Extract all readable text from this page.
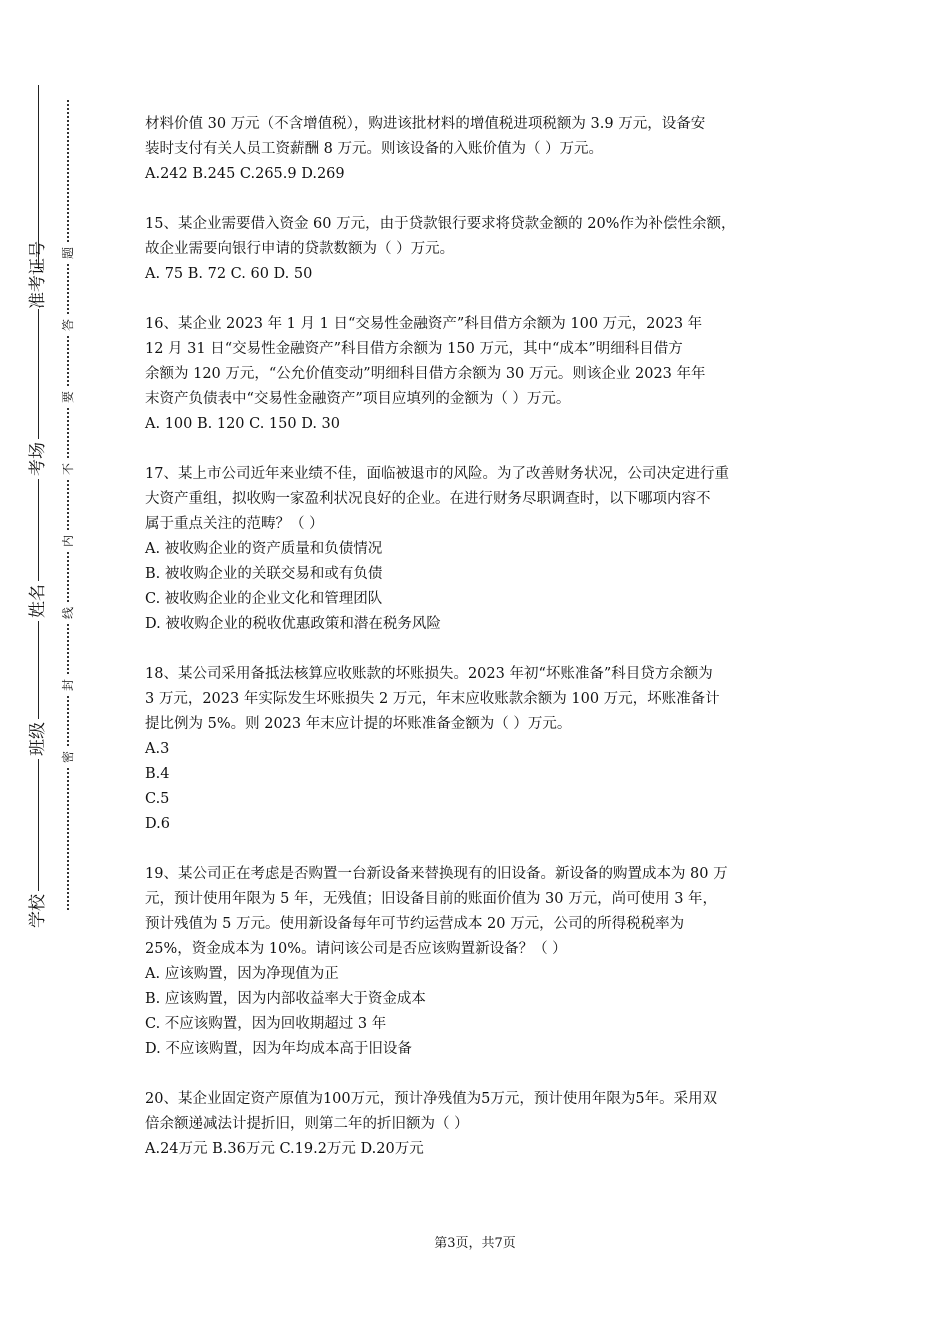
准考证号
考场
姓名
班级
学校
题
答
要
不
内
线
封
密
材料价值 30 万元（不含增值税），购进该批材料的增值税进项税额为 3.9 万元，设备安
装时支付有关人员工资薪酬 8 万元。则该设备的入账价值为（ ）万元。
A.242 B.245 C.265.9 D.269
15、某企业需要借入资金 60 万元，由于贷款银行要求将贷款金额的 20%作为补偿性余额，
故企业需要向银行申请的贷款数额为（ ）万元。
A. 75 B. 72 C. 60 D. 50
16、某企业 2023 年 1 月 1 日“交易性金融资产”科目借方余额为 100 万元，2023 年
12 月 31 日“交易性金融资产”科目借方余额为 150 万元，其中“成本”明细科目借方
余额为 120 万元，“公允价值变动”明细科目借方余额为 30 万元。则该企业 2023 年年
末资产负债表中“交易性金融资产”项目应填列的金额为（ ）万元。
A. 100 B. 120 C. 150 D. 30
17、某上市公司近年来业绩不佳，面临被退市的风险。为了改善财务状况，公司决定进行重
大资产重组，拟收购一家盈利状况良好的企业。在进行财务尽职调查时，以下哪项内容不
属于重点关注的范畴？（ ）
A. 被收购企业的资产质量和负债情况
B. 被收购企业的关联交易和或有负债
C. 被收购企业的企业文化和管理团队
D. 被收购企业的税收优惠政策和潜在税务风险
18、某公司采用备抵法核算应收账款的坏账损失。2023 年初“坏账准备”科目贷方余额为
3 万元，2023 年实际发生坏账损失 2 万元，年末应收账款余额为 100 万元，坏账准备计
提比例为 5%。则 2023 年末应计提的坏账准备金额为（ ）万元。
A.3
B.4
C.5
D.6
19、某公司正在考虑是否购置一台新设备来替换现有的旧设备。新设备的购置成本为 80 万
元，预计使用年限为 5 年，无残值；旧设备目前的账面价值为 30 万元，尚可使用 3 年，
预计残值为 5 万元。使用新设备每年可节约运营成本 20 万元，公司的所得税税率为
25%，资金成本为 10%。请问该公司是否应该购置新设备？（ ）
A. 应该购置，因为净现值为正
B. 应该购置，因为内部收益率大于资金成本
C. 不应该购置，因为回收期超过 3 年
D. 不应该购置，因为年均成本高于旧设备
20、某企业固定资产原值为100万元，预计净残值为5万元，预计使用年限为5年。采用双
倍余额递减法计提折旧，则第二年的折旧额为（ ）
A.24万元 B.36万元 C.19.2万元 D.20万元
第3页，共7页
